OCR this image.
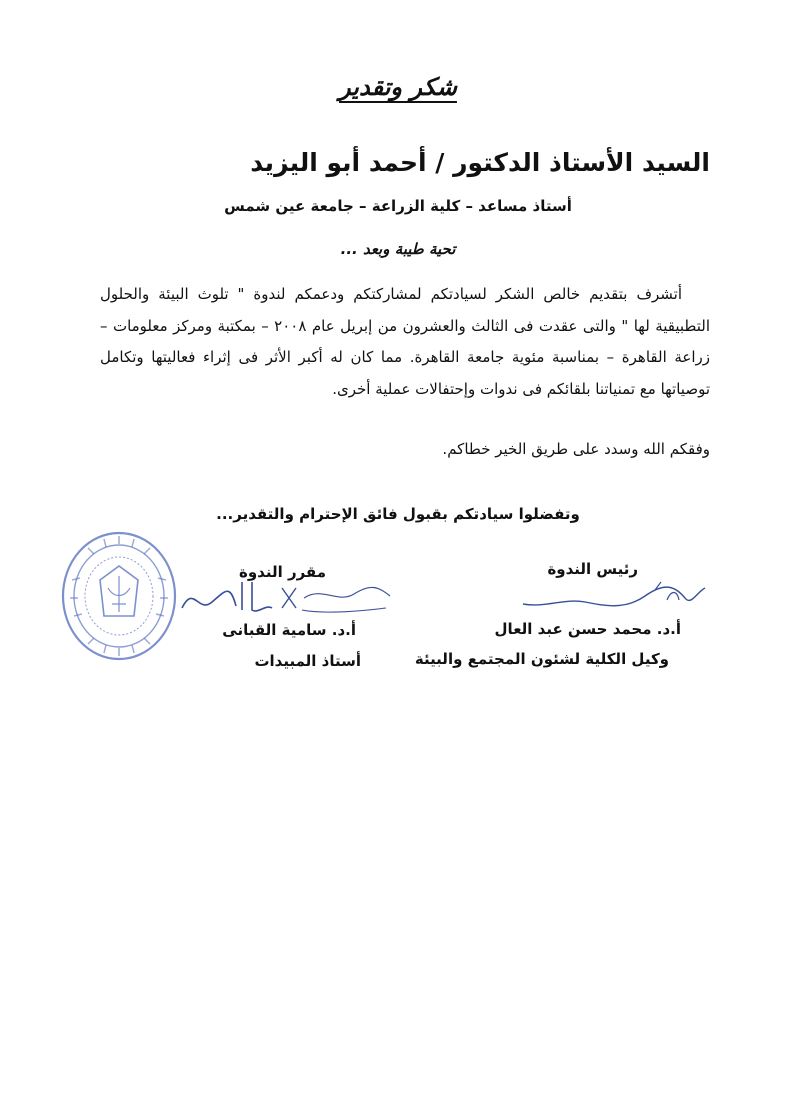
شكر وتقدير
السيد الأستاذ الدكتور / أحمد أبو اليزيد
أستاذ مساعد – كلية الزراعة – جامعة عين شمس
تحية طيبة وبعد ...

أتشرف بتقديم خالص الشكر لسيادتكم لمشاركتكم ودعمكم لندوة " تلوث البيئة والحلول التطبيقية لها " والتى عقدت فى الثالث والعشرون من إبريل عام ٢٠٠٨ – بمكتبة ومركز معلومات – زراعة القاهرة – بمناسبة مئوية جامعة القاهرة. مما كان له أكبر الأثر فى إثراء فعاليتها وتكامل توصياتها مع تمنياتنا بلقائكم فى ندوات وإحتفالات عملية أخرى.

وفقكم الله وسدد على طريق الخير خطاكم.
وتفضلوا سيادتكم بقبول فائق الإحترام والتقدير...
مقرر الندوة
أ.د. سامية القبانى
أستاذ المبيدات
رئيس الندوة
أ.د. محمد حسن عبد العال
وكيل الكلية لشئون المجتمع والبيئة
